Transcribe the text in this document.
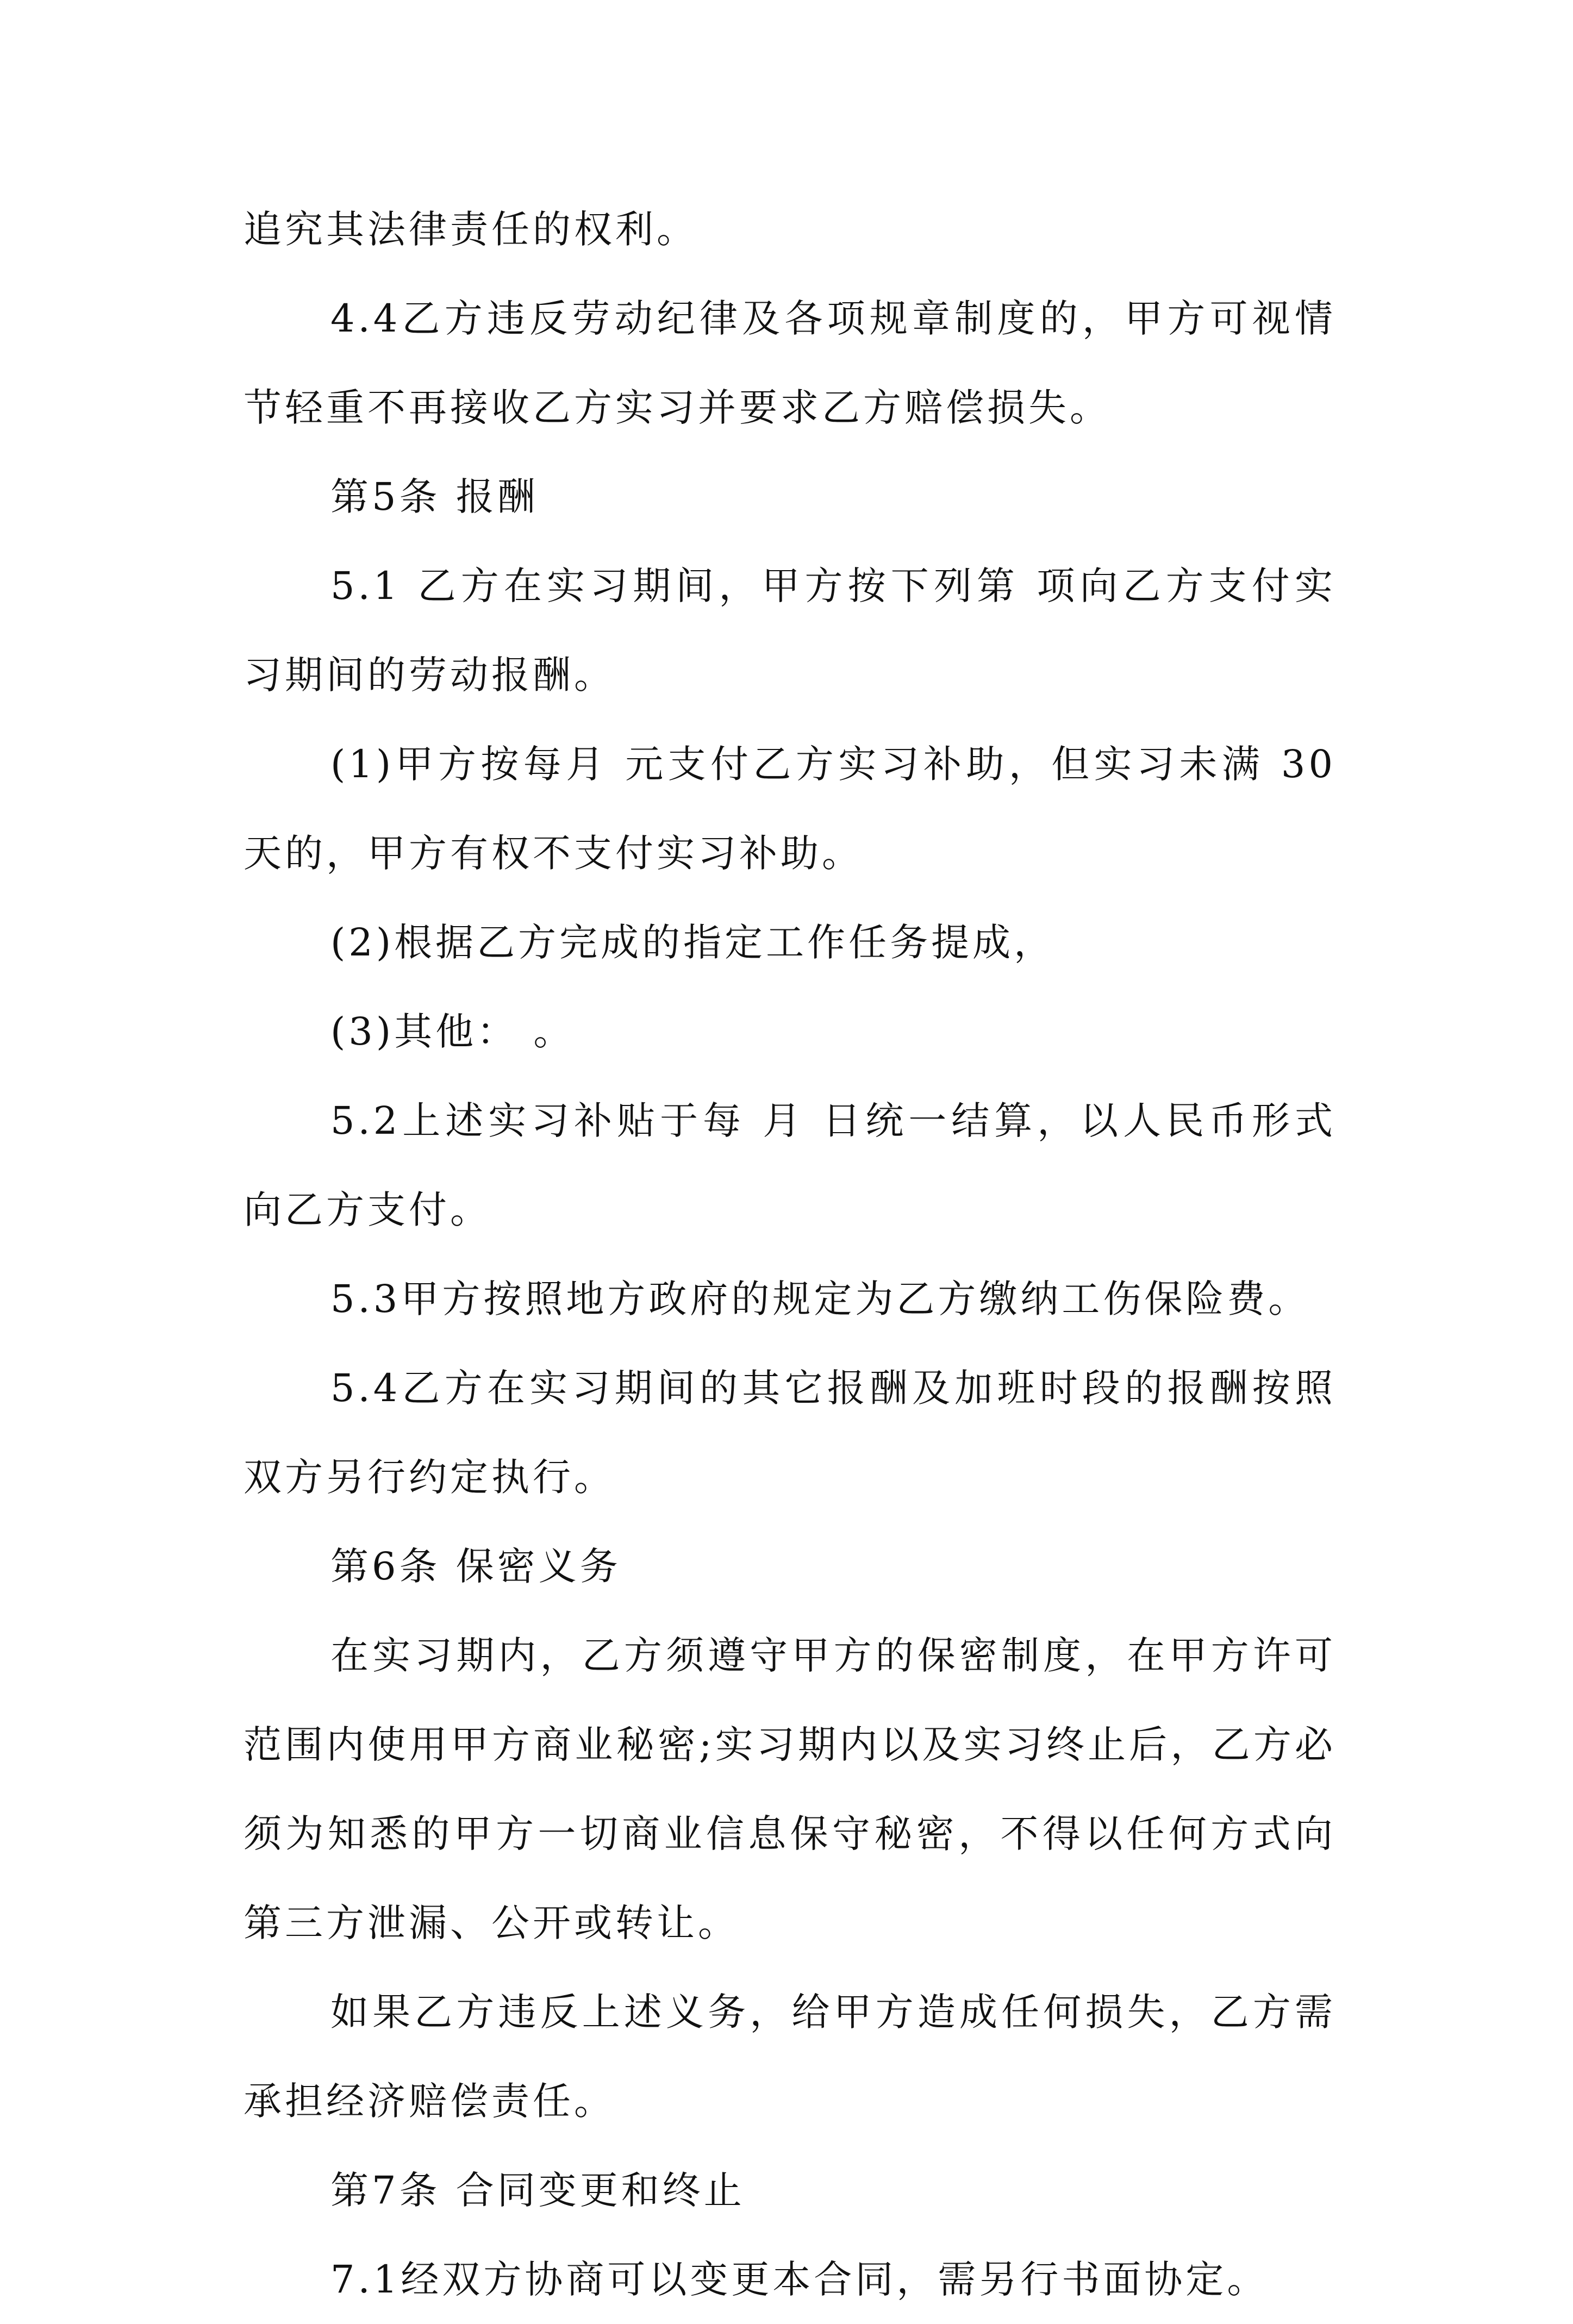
追究其法律责任的权利。

4.4乙方违反劳动纪律及各项规章制度的，甲方可视情节轻重不再接收乙方实习并要求乙方赔偿损失。

第5条 报酬

5.1 乙方在实习期间，甲方按下列第 项向乙方支付实习期间的劳动报酬。

(1)甲方按每月 元支付乙方实习补助，但实习未满 30 天的，甲方有权不支付实习补助。

(2)根据乙方完成的指定工作任务提成，

(3)其他： 。

5.2上述实习补贴于每 月 日统一结算，以人民币形式向乙方支付。

5.3甲方按照地方政府的规定为乙方缴纳工伤保险费。

5.4乙方在实习期间的其它报酬及加班时段的报酬按照双方另行约定执行。

第6条 保密义务

在实习期内，乙方须遵守甲方的保密制度，在甲方许可范围内使用甲方商业秘密;实习期内以及实习终止后，乙方必须为知悉的甲方一切商业信息保守秘密，不得以任何方式向第三方泄漏、公开或转让。

如果乙方违反上述义务，给甲方造成任何损失，乙方需承担经济赔偿责任。

第7条 合同变更和终止

7.1经双方协商可以变更本合同，需另行书面协定。
